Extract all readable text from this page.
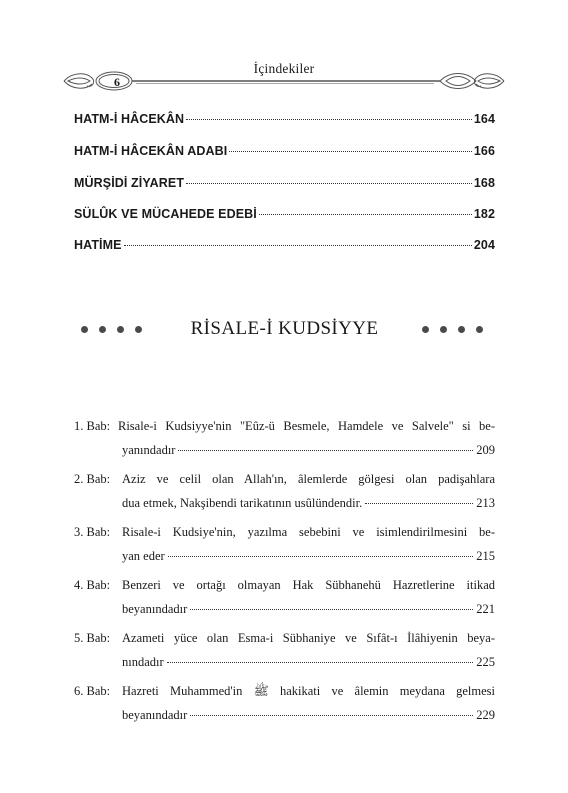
İçindekiler
6
HATM-İ HÂCEKÂN	164
HATM-İ HÂCEKÂN ADABI	166
MÜRŞİDİ ZİYARET	168
SÜLÛK VE MÜCAHEDE EDEBİ	182
HATİME	204
RİSALE-İ KUDSİYYE
1. Bab: Risale-i Kudsiyye'nin "Eûz-ü Besmele, Hamdele ve Salvele" si be-
yanındadır	209
2. Bab: Aziz ve celil olan Allah'ın, âlemlerde gölgesi olan padişahlara
dua etmek, Nakşibendi tarikatının usûlündendir.	213
3. Bab: Risale-i Kudsiye'nin, yazılma sebebini ve isimlendirilmesini be-
yan eder	215
4. Bab: Benzeri ve ortağı olmayan Hak Sübhanehü Hazretlerine itikad
beyanındadır	221
5. Bab: Azameti yüce olan Esma-i Sübhaniye ve Sıfât-ı İlâhiyenin beya-
nındadır	225
6. Bab: Hazreti Muhammed'in ﷺ hakikati ve âlemin meydana gelmesi
beyanındadır	229
